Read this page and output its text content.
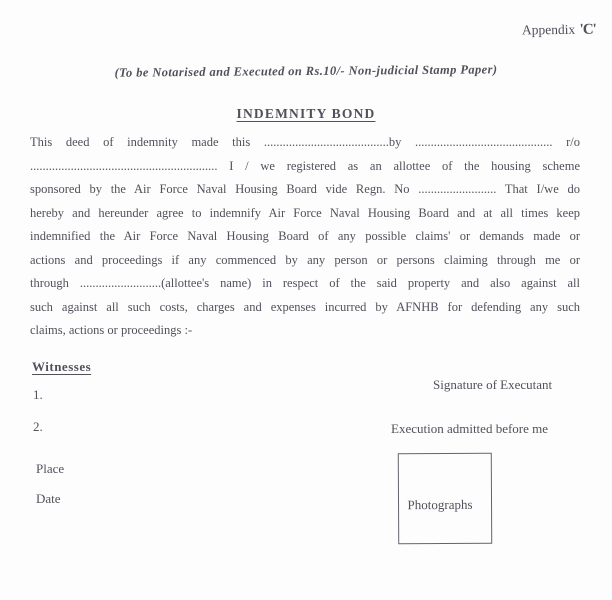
Appendix 'C'
(To be Notarised and Executed on Rs.10/- Non-judicial Stamp Paper)
INDEMNITY BOND
This deed of indemnity made this ........................................by ............................................ r/o
............................................................ I / we registered as an allottee of the housing scheme
sponsored by the Air Force Naval Housing Board vide Regn. No ......................... That I/we do
hereby and hereunder agree to indemnify Air Force Naval Housing Board and at all times keep
indemnified the Air Force Naval Housing Board of any possible claims' or demands made or
actions and proceedings if any commenced by any person or persons claiming through me or
through ..........................(allottee's name) in respect of the said property and also against all
such against all such costs, charges and expenses incurred by AFNHB for defending any such
claims, actions or proceedings :-
Witnesses
1.
2.
Signature of Executant
Execution admitted before me
Place
Date	Photographs
